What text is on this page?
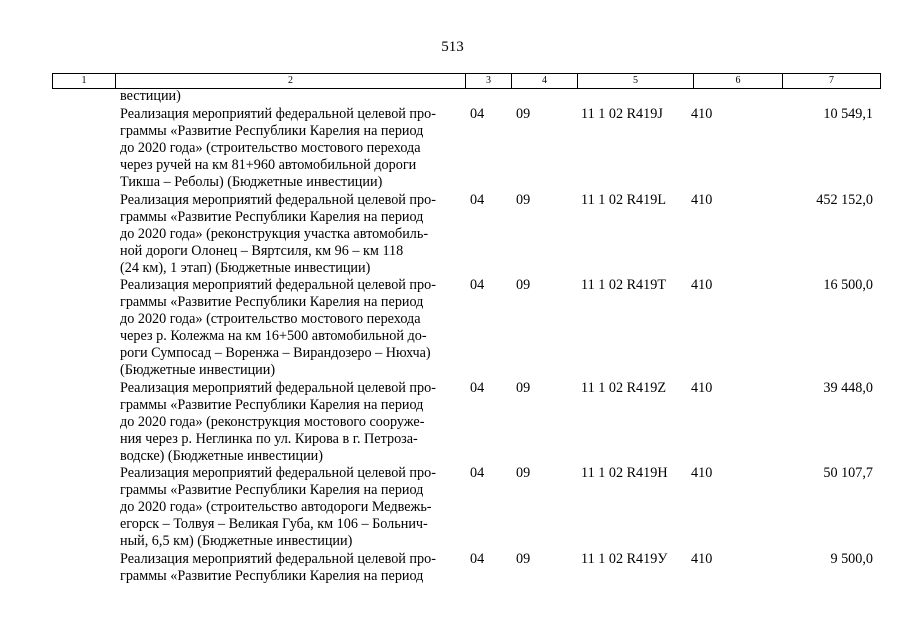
513
1	2	3	4	5	6	7
вестиции)
Реализация мероприятий федеральной целевой про-
граммы «Развитие Республики Карелия на период
до 2020 года» (строительство мостового перехода
через ручей на км 81+960 автомобильной дороги
Тикша – Реболы) (Бюджетные инвестиции)
04 09	11 1 02 R419J 410	10 549,1
Реализация мероприятий федеральной целевой про-
граммы «Развитие Республики Карелия на период
до 2020 года» (реконструкция участка автомобиль-
ной дороги Олонец – Вяртсиля, км 96 – км 118
(24 км), 1 этап) (Бюджетные инвестиции)
04 09	11 1 02 R419L 410	452 152,0
Реализация мероприятий федеральной целевой про-
граммы «Развитие Республики Карелия на период
до 2020 года» (строительство мостового перехода
через р. Колежма на км 16+500 автомобильной до-
роги Сумпосад – Воренжа – Вирандозеро – Нюхча)
(Бюджетные инвестиции)
04 09	11 1 02 R419T 410	16 500,0
Реализация мероприятий федеральной целевой про-
граммы «Развитие Республики Карелия на период
до 2020 года» (реконструкция мостового сооруже-
ния через р. Неглинка по ул. Кирова в г. Петроза-
водске) (Бюджетные инвестиции)
04 09	11 1 02 R419Z 410	39 448,0
Реализация мероприятий федеральной целевой про-
граммы «Развитие Республики Карелия на период
до 2020 года» (строительство автодороги Медвежь-
егорск – Толвуя – Великая Губа, км 106 – Больнич-
ный, 6,5 км) (Бюджетные инвестиции)
04 09	11 1 02 R419H 410	50 107,7
Реализация мероприятий федеральной целевой про-
граммы «Развитие Республики Карелия на период
04 09	11 1 02 R419У 410	9 500,0
